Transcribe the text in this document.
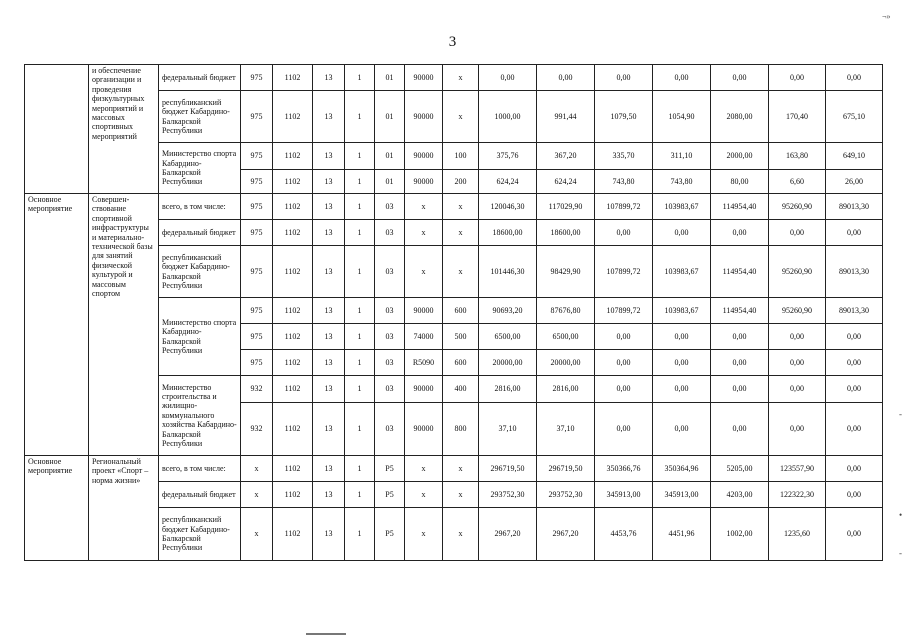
3
¬»
-
•
-
	и обеспечение организации и проведения физкультурных мероприятий и массовых спортивных мероприятий	федеральный бюджет	975	1102	13	1	01	90000	х	0,00	0,00	0,00	0,00	0,00	0,00	0,00
		республиканский бюджет Кабардино-Балкарской Республики	975	1102	13	1	01	90000	х	1000,00	991,44	1079,50	1054,90	2080,00	170,40	675,10
		Министерство спорта Кабардино-Балкарской Республики	975	1102	13	1	01	90000	100	375,76	367,20	335,70	311,10	2000,00	163,80	649,10
			975	1102	13	1	01	90000	200	624,24	624,24	743,80	743,80	80,00	6,60	26,00
Основное мероприятие	Совершен-ствование спортивной инфраструктуры и материально-технической базы для занятий физической культурой и массовым спортом	всего, в том числе:	975	1102	13	1	03	х	х	120046,30	117029,90	107899,72	103983,67	114954,40	95260,90	89013,30
		федеральный бюджет	975	1102	13	1	03	х	х	18600,00	18600,00	0,00	0,00	0,00	0,00	0,00
		республиканский бюджет Кабардино-Балкарской Республики	975	1102	13	1	03	х	х	101446,30	98429,90	107899,72	103983,67	114954,40	95260,90	89013,30
		Министерство спорта Кабардино-Балкарской Республики	975	1102	13	1	03	90000	600	90693,20	87676,80	107899,72	103983,67	114954,40	95260,90	89013,30
			975	1102	13	1	03	74000	500	6500,00	6500,00	0,00	0,00	0,00	0,00	0,00
			975	1102	13	1	03	R5090	600	20000,00	20000,00	0,00	0,00	0,00	0,00	0,00
		Министерство строительства и жилищно-коммунального хозяйства Кабардино-Балкарской Республики	932	1102	13	1	03	90000	400	2816,00	2816,00	0,00	0,00	0,00	0,00	0,00
			932	1102	13	1	03	90000	800	37,10	37,10	0,00	0,00	0,00	0,00	0,00
Основное мероприятие	Региональный проект «Спорт – норма жизни»	всего, в том числе:	х	1102	13	1	P5	х	х	296719,50	296719,50	350366,76	350364,96	5205,00	123557,90	0,00
		федеральный бюджет	х	1102	13	1	P5	х	х	293752,30	293752,30	345913,00	345913,00	4203,00	122322,30	0,00
		республиканский бюджет Кабардино-Балкарской Республики	х	1102	13	1	P5	х	х	2967,20	2967,20	4453,76	4451,96	1002,00	1235,60	0,00
